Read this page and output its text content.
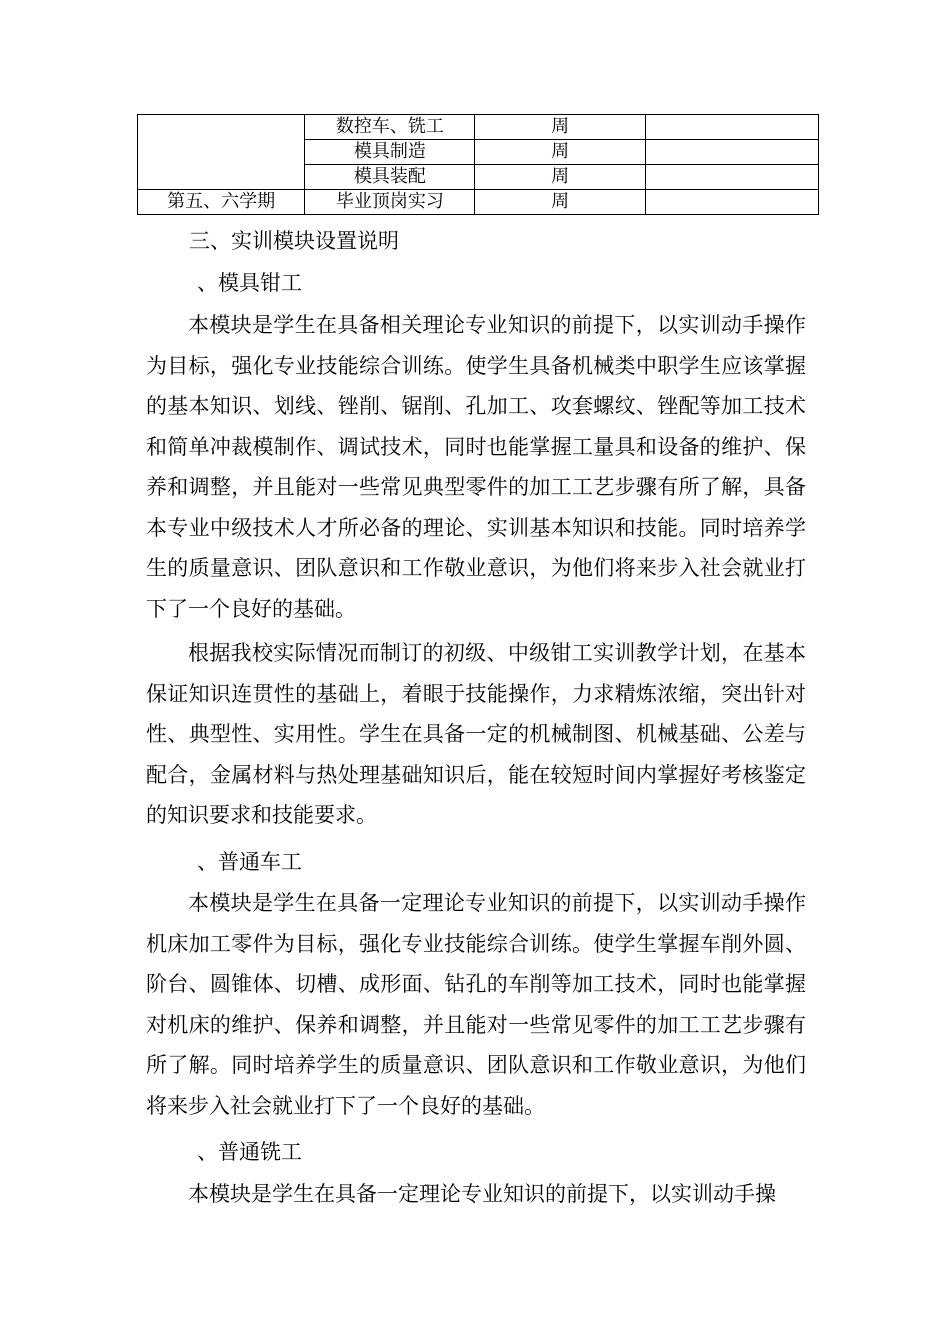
	数控车、铣工	周	
	模具制造	周	
	模具装配	周	
第五、六学期	毕业顶岗实习	周	
三、实训模块设置说明
、模具钳工
本模块是学生在具备相关理论专业知识的前提下，以实训动手操作为目标，强化专业技能综合训练。使学生具备机械类中职学生应该掌握的基本知识、划线、锉削、锯削、孔加工、攻套螺纹、锉配等加工技术和简单冲裁模制作、调试技术，同时也能掌握工量具和设备的维护、保养和调整，并且能对一些常见典型零件的加工工艺步骤有所了解，具备本专业中级技术人才所必备的理论、实训基本知识和技能。同时培养学生的质量意识、团队意识和工作敬业意识，为他们将来步入社会就业打下了一个良好的基础。
根据我校实际情况而制订的初级、中级钳工实训教学计划，在基本保证知识连贯性的基础上，着眼于技能操作，力求精炼浓缩，突出针对性、典型性、实用性。学生在具备一定的机械制图、机械基础、公差与配合，金属材料与热处理基础知识后，能在较短时间内掌握好考核鉴定的知识要求和技能要求。
、普通车工
本模块是学生在具备一定理论专业知识的前提下，以实训动手操作机床加工零件为目标，强化专业技能综合训练。使学生掌握车削外圆、阶台、圆锥体、切槽、成形面、钻孔的车削等加工技术，同时也能掌握对机床的维护、保养和调整，并且能对一些常见零件的加工工艺步骤有所了解。同时培养学生的质量意识、团队意识和工作敬业意识，为他们将来步入社会就业打下了一个良好的基础。
、普通铣工
本模块是学生在具备一定理论专业知识的前提下，以实训动手操
